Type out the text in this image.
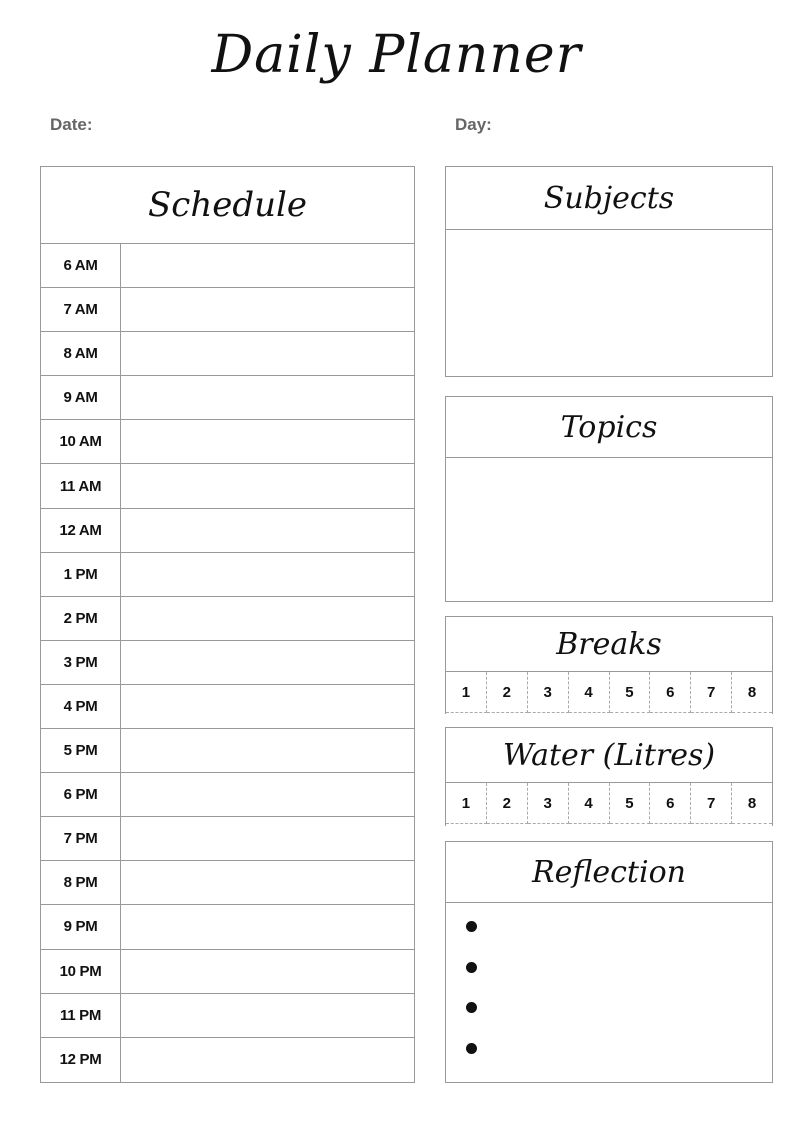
Daily Planner
Date:	Day:
Schedule
6 AM
7 AM
8 AM
9 AM
10 AM
11 AM
12 AM
1 PM
2 PM
3 PM
4 PM
5 PM
6 PM
7 PM
8 PM
9 PM
10 PM
11 PM
12 PM
Subjects
Topics
Breaks
1	2	3	4	5	6	7	8
Water (Litres)
1	2	3	4	5	6	7	8
Reflection
